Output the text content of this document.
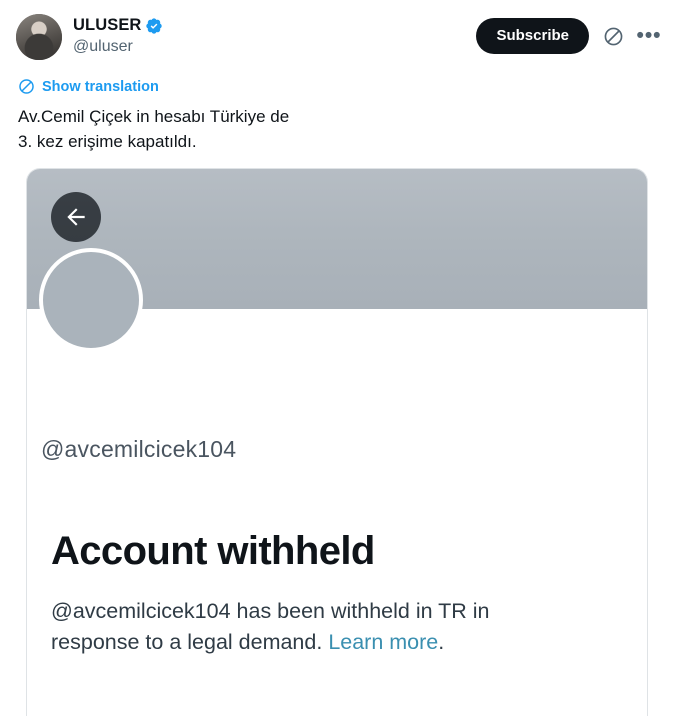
ULUSER
@uluser
Subscribe	•••
Show translation
Av.Cemil Çiçek in hesabı Türkiye de
3. kez erişime kapatıldı.
@avcemilcicek104
Account withheld
@avcemilcicek104 has been withheld in TR in response to a legal demand. Learn more.
